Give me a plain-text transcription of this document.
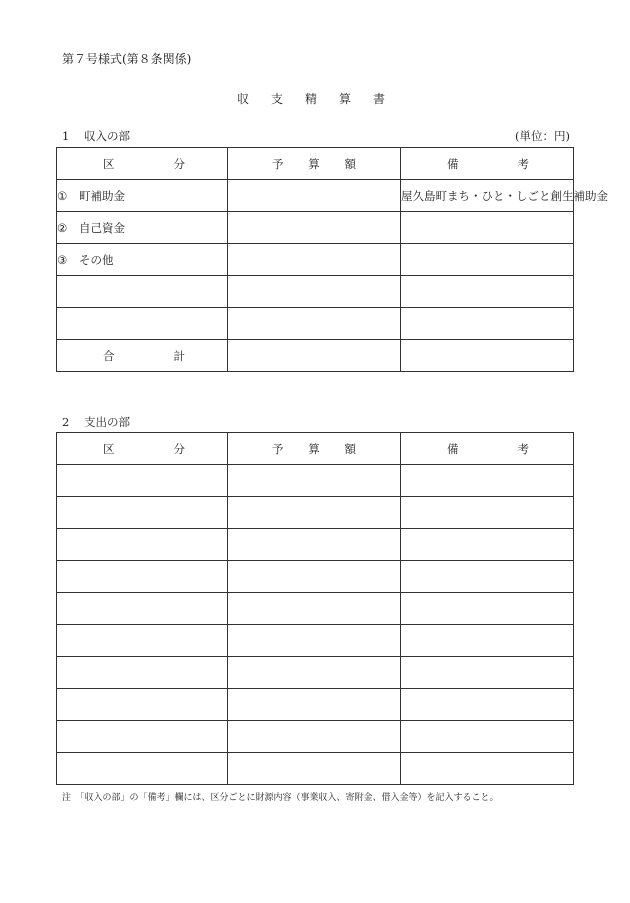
第７号様式(第８条関係)
収支精算書
1 収入の部	(単位：円)
区 分	予 算 額	備 考

① 町補助金		屋久島町まち・ひと・しごと創生補助金
② 自己資金		
③ その他		

合 計		

2 支出の部
区 分	予 算 額	備 考

注　「収入の部」の「備考」欄には、区分ごとに財源内容（事業収入、寄附金、借入金等）を記入すること。
